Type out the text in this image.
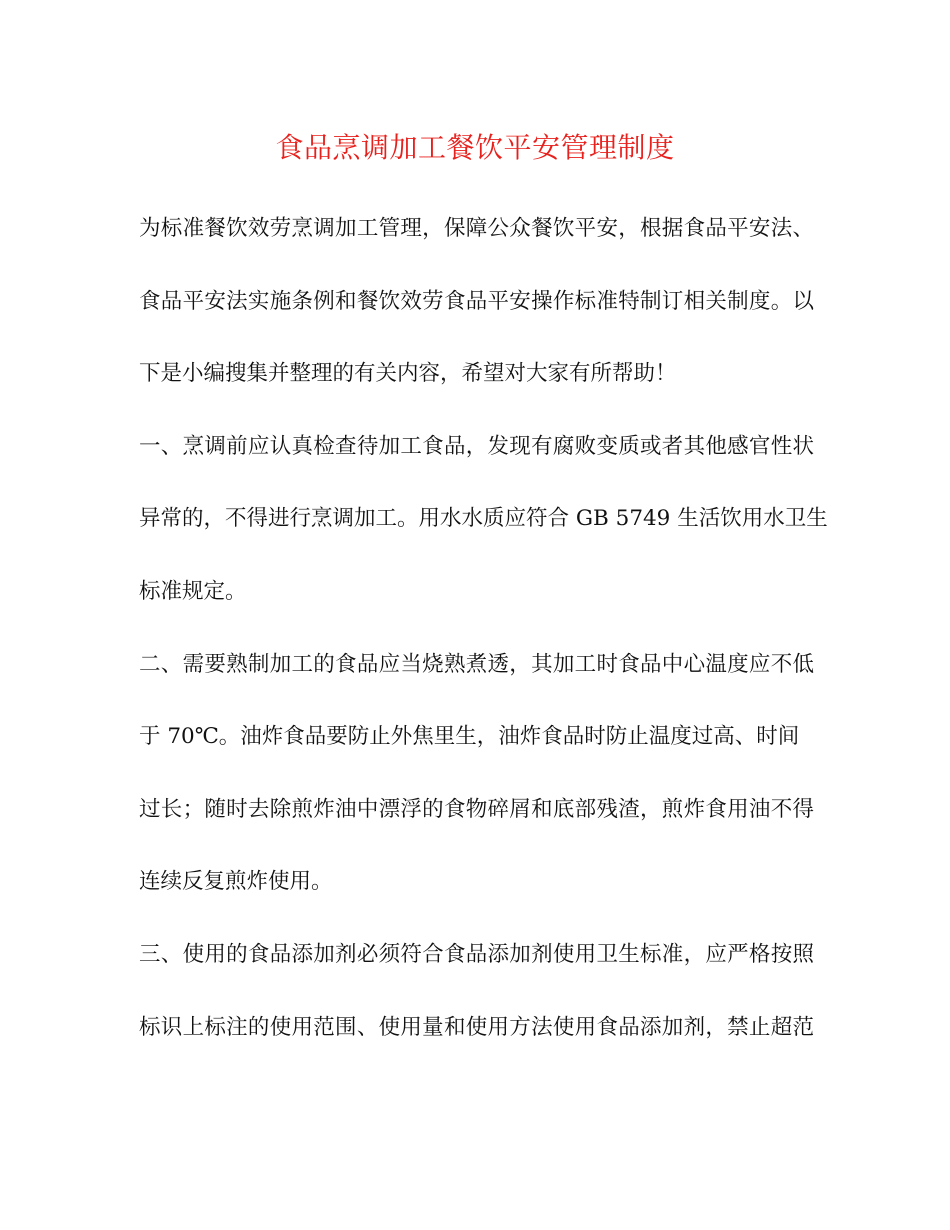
食品烹调加工餐饮平安管理制度
为标准餐饮效劳烹调加工管理，保障公众餐饮平安，根据食品平安法、
食品平安法实施条例和餐饮效劳食品平安操作标准特制订相关制度。以
下是小编搜集并整理的有关内容，希望对大家有所帮助！
一、烹调前应认真检查待加工食品，发现有腐败变质或者其他感官性状
异常的，不得进行烹调加工。用水水质应符合 GB 5749 生活饮用水卫生
标准规定。
二、需要熟制加工的食品应当烧熟煮透，其加工时食品中心温度应不低
于 70℃。油炸食品要防止外焦里生，油炸食品时防止温度过高、时间
过长；随时去除煎炸油中漂浮的食物碎屑和底部残渣，煎炸食用油不得
连续反复煎炸使用。
三、使用的食品添加剂必须符合食品添加剂使用卫生标准，应严格按照
标识上标注的使用范围、使用量和使用方法使用食品添加剂，禁止超范
